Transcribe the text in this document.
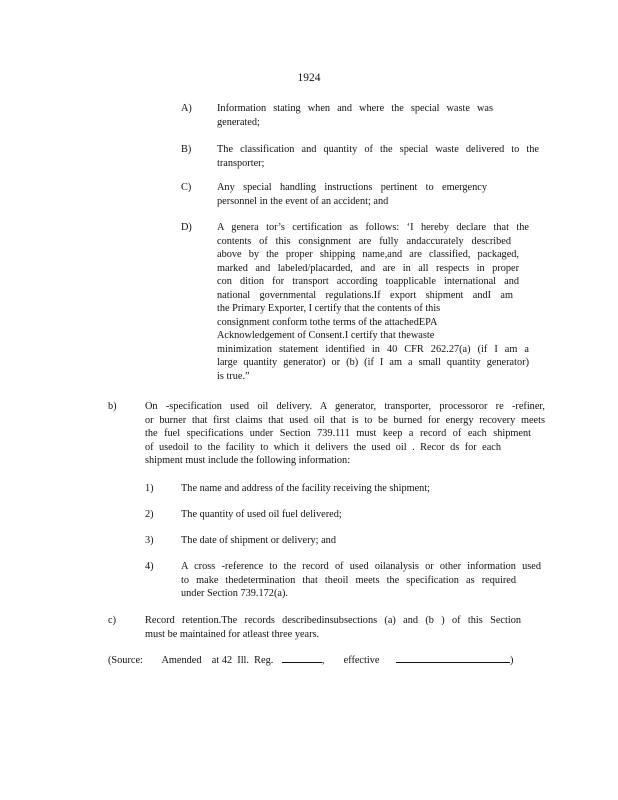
1924
A) Information stating when and where the special waste was
generated;
B) The classification and quantity of the special waste delivered to the
transporter;
C) Any special handling instructions pertinent to emergency
personnel in the event of an accident; and
D) A genera tor’s certification as follows: ‘I hereby declare that the
contents of this consignment are fully andaccurately described
above by the proper shipping name,and are classified, packaged,
marked and labeled/placarded, and are in all respects in proper
con dition for transport according toapplicable international and
national governmental regulations.If export shipment andI am
the Primary Exporter, I certify that the contents of this
consignment conform tothe terms of the attachedEPA
Acknowledgement of Consent.I certify that thewaste
minimization statement identified in 40 CFR 262.27(a) (if I am a
large quantity generator) or (b) (if I am a small quantity generator)
is true.”
b)	On -specification used oil delivery. A generator, transporter, processoror re -refiner,
or burner that first claims that used oil that is to be burned for energy recovery meets
the fuel specifications under Section 739.111 must keep a record of each shipment
of usedoil to the facility to which it delivers the used oil . Recor ds for each
shipment must include the following information:
1)	The name and address of the facility receiving the shipment;
2)	The quantity of used oil fuel delivered;
3)	The date of shipment or delivery; and
4)	A cross -reference to the record of used oilanalysis or other information used
to make thedetermination that theoil meets the specification as required
under Section 739.172(a).
c)	Record retention.The records describedinsubsections (a) and (b ) of this Section
must be maintained for atleast three years.
(Source: Amended    at 42  Ill.  Reg.	, effective	)
